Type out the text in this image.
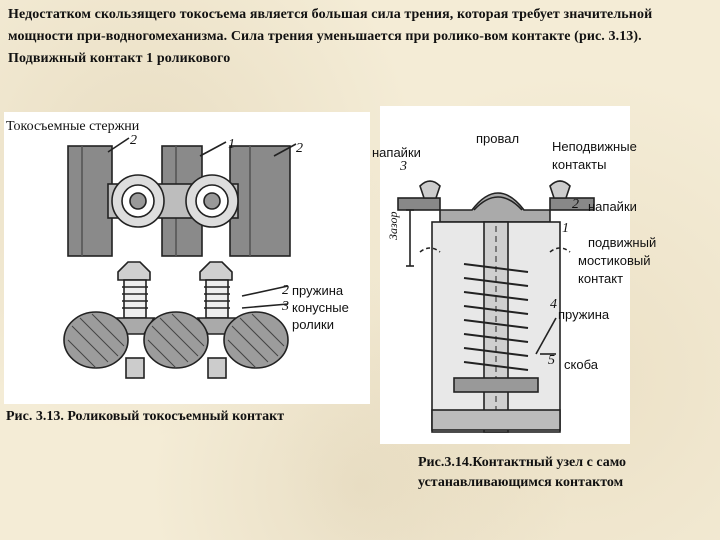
Недостатком скользящего токосъема является большая сила трения, которая требует значительной мощности при-водногомеханизма. Сила трения уменьшается при ролико-вом контакте (рис. 3.13). Подвижный контакт 1 роликового
Токосъемные стержни
2	1	2
2
3
пружина
конусные
ролики
Рис. 3.13. Роликовый токосъемный контакт
3
2
1
4
5
Зазор
напайки
провал
Неподвижные
контакты
напайки
подвижный
мостиковый
контакт
пружина
скоба
Рис.3.14.Контактный узел с само
устанавливающимся контактом
